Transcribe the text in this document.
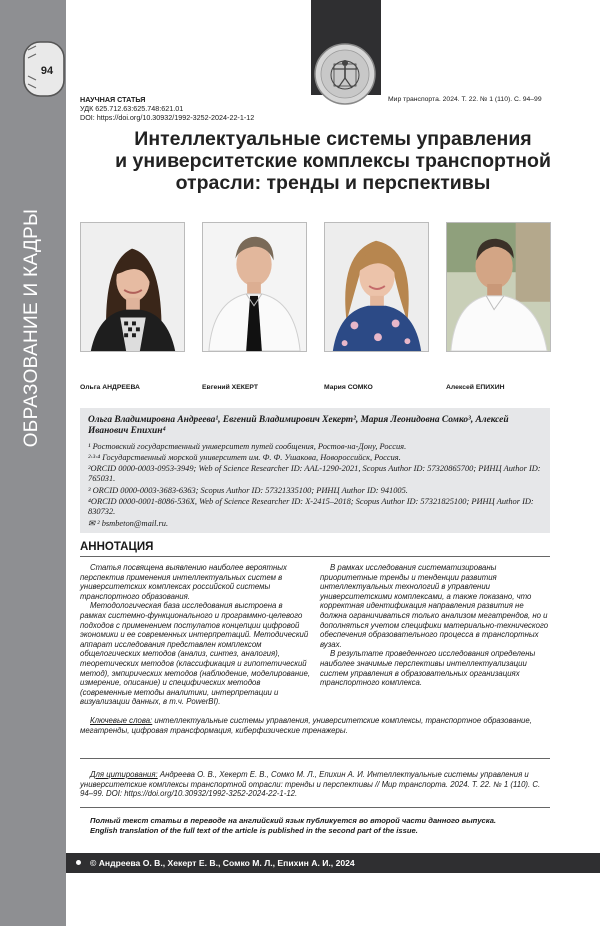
94
ОБРАЗОВАНИЕ И КАДРЫ
НАУЧНАЯ СТАТЬЯ
УДК 625.712.63:625.748:621.01
DOI: https://doi.org/10.30932/1992-3252-2024-22-1-12
Мир транспорта. 2024. Т. 22. № 1 (110). С. 94–99
Интеллектуальные системы управления
и университетские комплексы транспортной
отрасли: тренды и перспективы
Ольга АНДРЕЕВА	Евгений ХЕКЕРТ	Мария СОМКО	Алексей ЕПИХИН

Ольга Владимировна Андреева¹, Евгений Владимирович Хекерт², Мария Леонидовна Сомко³, Алексей Иванович Епихин⁴

¹ Ростовский государственный университет путей сообщения, Ростов-на-Дону, Россия.

²·³·⁴ Государственный морской университет им. Ф. Ф. Ушакова, Новороссийск, Россия.

²ORCID 0000-0003-0953-3949; Web of Science Researcher ID: AAL-1290-2021, Scopus Author ID: 57320865700; РИНЦ Author ID: 765031.

³ ORCID 0000-0003-3683-6363; Scopus Author ID: 57321335100; РИНЦ Author ID: 941005.

⁴ORCID 0000-0001-8086-536X, Web of Science Researcher ID: X-2415–2018; Scopus Author ID: 57321825100; РИНЦ Author ID: 830732.

✉ ² bsmbeton@mail.ru.

АННОТАЦИЯ

Статья посвящена выявлению наиболее вероятных перспектив применения интеллектуальных систем в университетских комплексах российской системы транспортного образования.

Методологическая база исследования выстроена в рамках системно-функционального и программно-целевого подходов с применением постулатов концепции цифровой экономики и ее современных интерпретаций. Методический аппарат исследования представлен комплексом общелогических методов (анализ, синтез, аналогия), теоретических методов (классификация и гипотетический метод), эмпирических методов (наблюдение, моделирование, измерение, описание) и специфических методов (современные методы аналитики, интерпретации и визуализации данных, в т.ч. PowerBI).

В рамках исследования систематизированы приоритетные тренды и тенденции развития интеллектуальных технологий в управлении университетскими комплексами, а также показано, что корректная идентификация направления развития не должна ограничиваться только анализом мегатрендов, но и дополняться учетом специфики материально-технического обеспечения образовательного процесса в транспортных вузах.

В результате проведенного исследования определены наиболее значимые перспективы интеллектуализации систем управления в образовательных организациях транспортного комплекса.

Ключевые слова: интеллектуальные системы управления, университетские комплексы, транспортное образование, мегатренды, цифровая трансформация, киберфизические тренажеры.

Для цитирования: Андреева О. В., Хекерт Е. В., Сомко М. Л., Епихин А. И. Интеллектуальные системы управления и университетские комплексы транспортной отрасли: тренды и перспективы // Мир транспорта. 2024. Т. 22. № 1 (110). С. 94–99. DOI: https://doi.org/10.30932/1992-3252-2024-22-1-12.

Полный текст статьи в переводе на английский язык публикуется во второй части данного выпуска.
English translation of the full text of the article is published in the second part of the issue.
© Андреева О. В., Хекерт Е. В., Сомко М. Л., Епихин А. И., 2024
